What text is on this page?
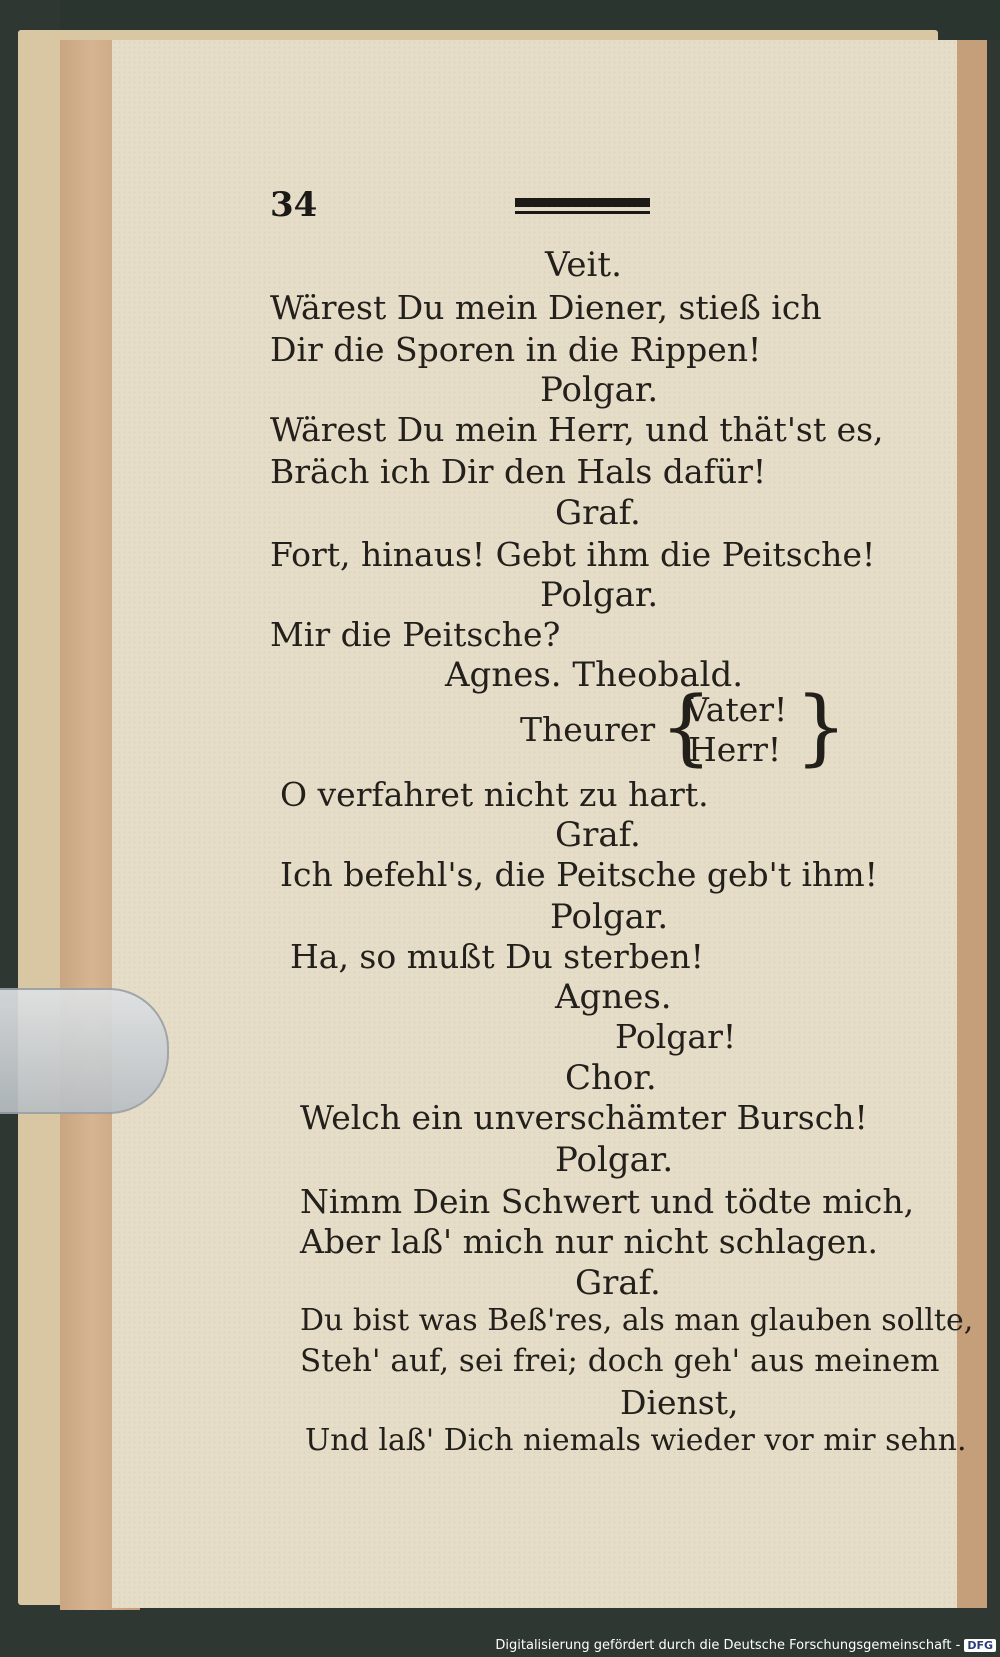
34
Veit.
Wärest Du mein Diener, stieß ich
Dir die Sporen in die Rippen!
Polgar.
Wärest Du mein Herr, und thät'st es,
Bräch ich Dir den Hals dafür!
Graf.
Fort, hinaus! Gebt ihm die Peitsche!
Polgar.
Mir die Peitsche?
Agnes. Theobald.
Theurer {
Vater!
Herr! }
O verfahret nicht zu hart.
Graf.
Ich befehl's, die Peitsche geb't ihm!
Polgar.
Ha, so mußt Du sterben!
Agnes.
Polgar!
Chor.
Welch ein unverschämter Bursch!
Polgar.
Nimm Dein Schwert und tödte mich,
Aber laß' mich nur nicht schlagen.
Graf.
Du bist was Beß'res, als man glauben sollte,
Steh' auf, sei frei; doch geh' aus meinem
Dienst,
Und laß' Dich niemals wieder vor mir sehn.
Digitalisierung gefördert durch die Deutsche Forschungsgemeinschaft - DFG
